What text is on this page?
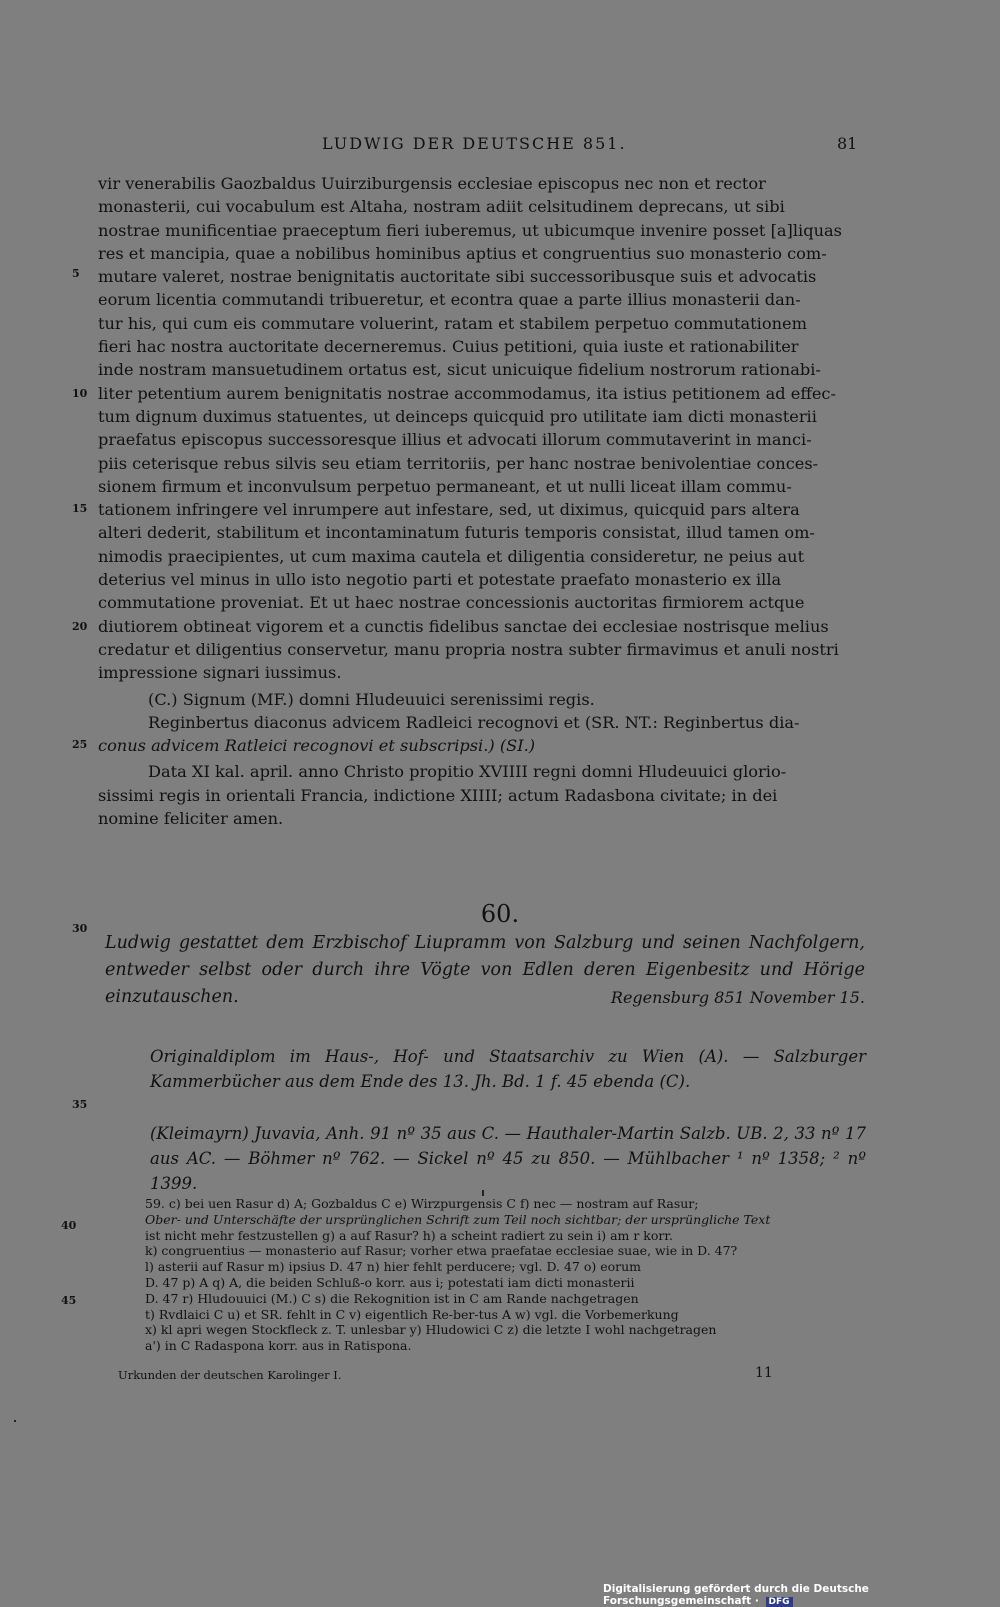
LUDWIG DER DEUTSCHE 851.	81
5
10
15
20
25
30
35
40
45
vir venerabilis Gaozbaldus Uuirziburgensis ecclesiae episcopus nec non et rector
monasterii, cui vocabulum est Altaha, nostram adiit celsitudinem deprecans, ut sibi
nostrae munificentiae praeceptum fieri iuberemus, ut ubicumque invenire posset [a]liquas
res et mancipia, quae a nobilibus hominibus aptius et congruentius suo monasterio com-
mutare valeret, nostrae benignitatis auctoritate sibi successoribusque suis et advocatis
eorum licentia commutandi tribueretur, et econtra quae a parte illius monasterii dan-
tur his, qui cum eis commutare voluerint, ratam et stabilem perpetuo commutationem
fieri hac nostra auctoritate decerneremus. Cuius petitioni, quia iuste et rationabiliter
inde nostram mansuetudinem ortatus est, sicut unicuique fidelium nostrorum rationabi-
liter petentium aurem benignitatis nostrae accommodamus, ita istius petitionem ad effec-
tum dignum duximus statuentes, ut deinceps quicquid pro utilitate iam dicti monasterii
praefatus episcopus successoresque illius et advocati illorum commutaverint in manci-
piis ceterisque rebus silvis seu etiam territoriis, per hanc nostrae benivolentiae conces-
sionem firmum et inconvulsum perpetuo permaneant, et ut nulli liceat illam commu-
tationem infringere vel inrumpere aut infestare, sed, ut diximus, quicquid pars altera
alteri dederit, stabilitum et incontaminatum futuris temporis consistat, illud tamen om-
nimodis praecipientes, ut cum maxima cautela et diligentia consideretur, ne peius aut
deterius vel minus in ullo isto negotio parti et potestate praefato monasterio ex illa
commutatione proveniat. Et ut haec nostrae concessionis auctoritas firmiorem actque
diutiorem obtineat vigorem et a cunctis fidelibus sanctae dei ecclesiae nostrisque melius
credatur et diligentius conservetur, manu propria nostra subter firmavimus et anuli nostri
impressione signari iussimus.
(C.) Signum (MF.) domni Hludeuuici serenissimi regis.
Reginbertus diaconus advicem Radleici recognovi et (SR. NT.: Reginbertus dia-
conus advicem Ratleici recognovi et subscripsi.) (SI.)
Data XI kal. april. anno Christo propitio XVIIII regni domni Hludeuuici glorio-
sissimi regis in orientali Francia, indictione XIIII; actum Radasbona civitate; in dei
nomine feliciter amen.
60.
Ludwig gestattet dem Erzbischof Liupramm von Salzburg und seinen Nachfolgern, entweder selbst oder durch ihre Vögte von Edlen deren Eigenbesitz und Hörige einzutauschen.	Regensburg 851 November 15.
Originaldiplom im Haus-, Hof- und Staatsarchiv zu Wien (A). — Salzburger Kammerbücher aus dem Ende des 13. Jh. Bd. 1 f. 45 ebenda (C).
(Kleimayrn) Juvavia, Anh. 91 nº 35 aus C. — Hauthaler-Martin Salzb. UB. 2, 33 nº 17 aus AC. — Böhmer nº 762. — Sickel nº 45 zu 850. — Mühlbacher ¹ nº 1358; ² nº 1399.
59. c) bei uen Rasur d) A; Gozbaldus C e) Wirzpurgensis C f) nec — nostram auf Rasur;
Ober- und Unterschäfte der ursprünglichen Schrift zum Teil noch sichtbar; der ursprüngliche Text
ist nicht mehr festzustellen g) a auf Rasur? h) a scheint radiert zu sein i) am r korr.
k) congruentius — monasterio auf Rasur; vorher etwa praefatae ecclesiae suae, wie in D. 47?
l) asterii auf Rasur m) ipsius D. 47 n) hier fehlt perducere; vgl. D. 47 o) eorum
D. 47 p) A q) A, die beiden Schluß-o korr. aus i; potestati iam dicti monasterii
D. 47 r) Hludouuici (M.) C s) die Rekognition ist in C am Rande nachgetragen
t) Rvdlaici C u) et SR. fehlt in C v) eigentlich Re-ber-tus A w) vgl. die Vorbemerkung
x) kl apri wegen Stockfleck z. T. unlesbar y) Hludowici C z) die letzte I wohl nachgetragen
a') in C Radaspona korr. aus in Ratispona.
Urkunden der deutschen Karolinger I.	11
Digitalisierung gefördert durch die Deutsche Forschungsgemeinschaft · DFG
